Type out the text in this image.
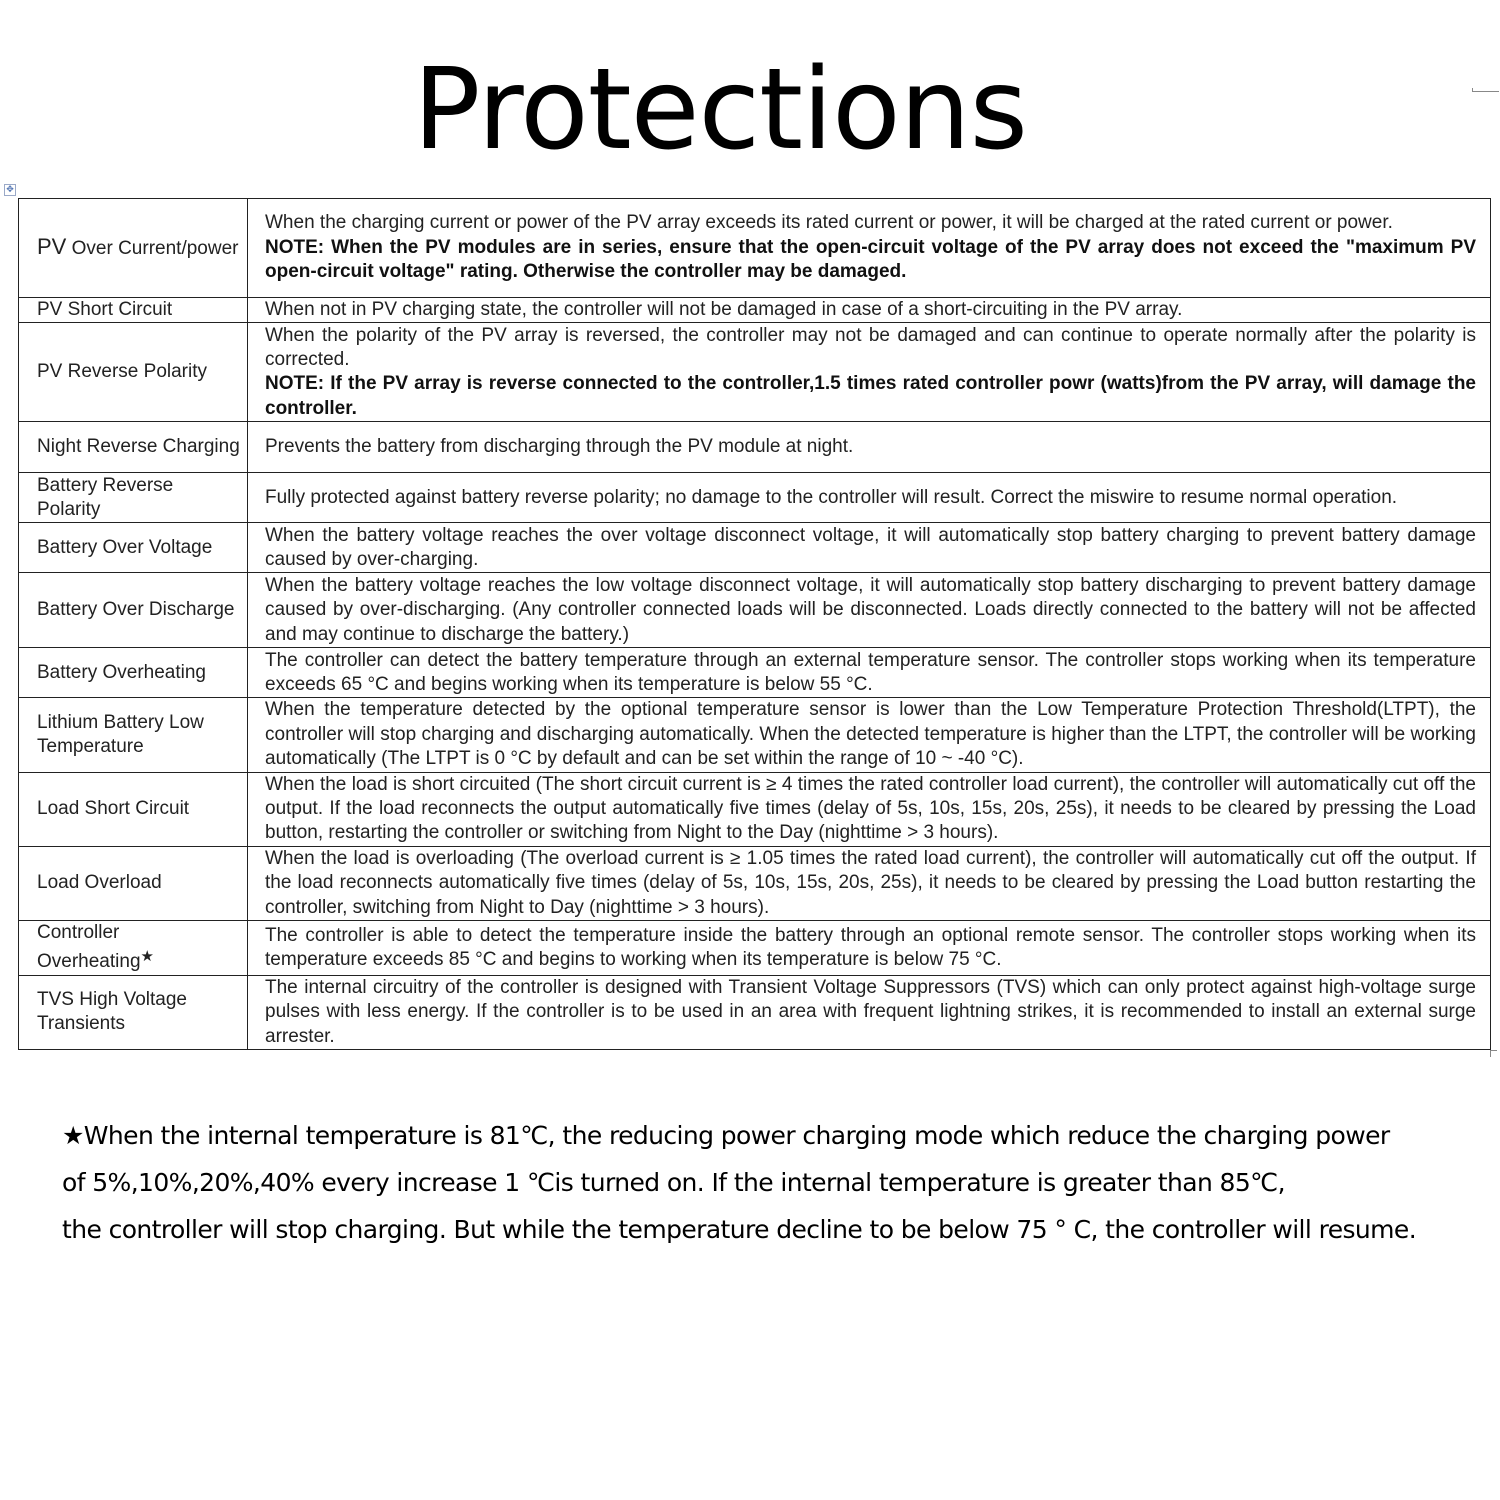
Protections
✥
PV Over Current/power	When the charging current or power of the PV array exceeds its rated current or power, it will be charged at the rated current or power.
NOTE: When the PV modules are in series, ensure that the open-circuit voltage of the PV array does not exceed the "maximum PV open-circuit voltage" rating. Otherwise the controller may be damaged.

PV Short Circuit	When not in PV charging state, the controller will not be damaged in case of a short-circuiting in the PV array.

PV Reverse Polarity	When the polarity of the PV array is reversed, the controller may not be damaged and can continue to operate normally after the polarity is corrected.
NOTE: If the PV array is reverse connected to the controller,1.5 times rated controller powr (watts)from the PV array, will damage the controller.

Night Reverse Charging	Prevents the battery from discharging through the PV module at night.

Battery Reverse Polarity	Fully protected against battery reverse polarity; no damage to the controller will result. Correct the miswire to resume normal operation.

Battery Over Voltage	When the battery voltage reaches the over voltage disconnect voltage, it will automatically stop battery charging to prevent battery damage caused by over-charging.

Battery Over Discharge	When the battery voltage reaches the low voltage disconnect voltage, it will automatically stop battery discharging to prevent battery damage caused by over-discharging. (Any controller connected loads will be disconnected. Loads directly connected to the battery will not be affected and may continue to discharge the battery.)

Battery Overheating	The controller can detect the battery temperature through an external temperature sensor. The controller stops working when its temperature exceeds 65 °C and begins working when its temperature is below 55 °C.

Lithium Battery Low Temperature	When the temperature detected by the optional temperature sensor is lower than the Low Temperature Protection Threshold(LTPT), the controller will stop charging and discharging automatically. When the detected temperature is higher than the LTPT, the controller will be working automatically (The LTPT is 0 °C by default and can be set within the range of 10 ~ -40 °C).

Load Short Circuit	When the load is short circuited (The short circuit current is ≥ 4 times the rated controller load current), the controller will automatically cut off the output. If the load reconnects the output automatically five times (delay of 5s, 10s, 15s, 20s, 25s), it needs to be cleared by pressing the Load button, restarting the controller or switching from Night to the Day (nighttime > 3 hours).

Load Overload	When the load is overloading (The overload current is ≥ 1.05 times the rated load current), the controller will automatically cut off the output. If the load reconnects automatically five times (delay of 5s, 10s, 15s, 20s, 25s), it needs to be cleared by pressing the Load button restarting the controller, switching from Night to Day (nighttime > 3 hours).

Controller Overheating★	The controller is able to detect the temperature inside the battery through an optional remote sensor. The controller stops working when its temperature exceeds 85 °C and begins to working when its temperature is below 75 °C.

TVS High Voltage Transients	The internal circuitry of the controller is designed with Transient Voltage Suppressors (TVS) which can only protect against high-voltage surge pulses with less energy. If the controller is to be used in an area with frequent lightning strikes, it is recommended to install an external surge arrester.
★When the internal temperature is 81℃, the reducing power charging mode which reduce the charging power
of 5%,10%,20%,40% every increase 1 ℃is turned on. If the internal temperature is greater than 85℃,
the controller will stop charging. But while the temperature decline to be below 75 ° C, the controller will resume.
